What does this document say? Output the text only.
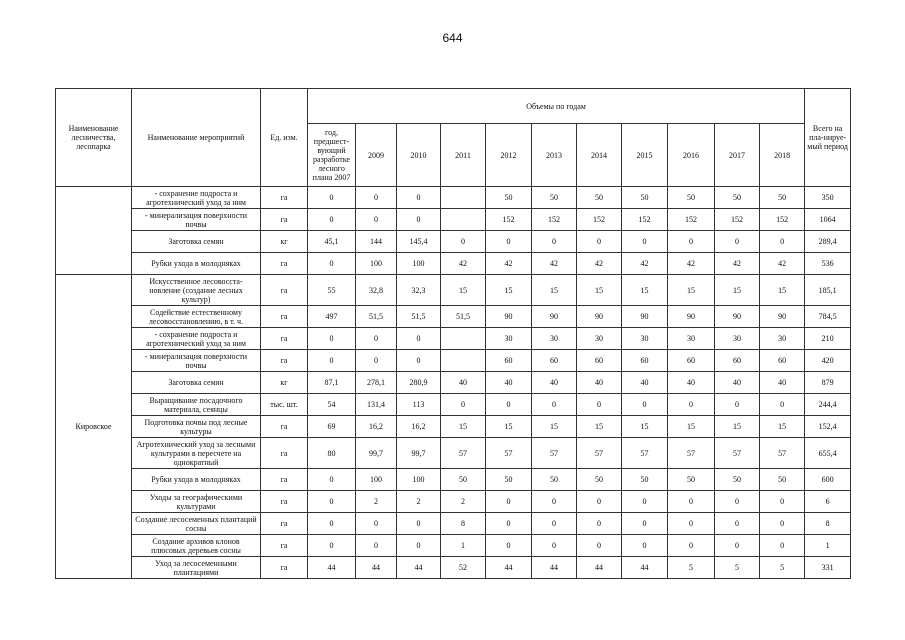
644
Наименование лесничества, лесопарка	Наименование мероприятий	Ед. изм.	Объемы по годам											Всего на пла-нируе-мый период
			год, предшест-вующий разработке лесного плана 2007	2009	2010	2011	2012	2013	2014	2015	2016	2017	2018	
	- сохранение подроста и агротехнический уход за ним	га	0	0	0		50	50	50	50	50	50	50	350
	- минерализация поверхности почвы	га	0	0	0		152	152	152	152	152	152	152	1064
	Заготовка семян	кг	45,1	144	145,4	0	0	0	0	0	0	0	0	289,4
	Рубки ухода в молодняках	га	0	100	100	42	42	42	42	42	42	42	42	536
Кировское	Искусственное лесовосста-новление (создание лесных культур)	га	55	32,8	32,3	15	15	15	15	15	15	15	15	185,1
	Содействие естественному лесовосстановлению, в т. ч.	га	497	51,5	51,5	51,5	90	90	90	90	90	90	90	784,5
	- сохранение подроста и агротехнический уход за ним	га	0	0	0		30	30	30	30	30	30	30	210
	- минерализация поверхности почвы	га	0	0	0		60	60	60	60	60	60	60	420
	Заготовка семян	кг	87,1	278,1	280,9	40	40	40	40	40	40	40	40	879
	Выращивание посадочного материала, сеянцы	тыс. шт.	54	131,4	113	0	0	0	0	0	0	0	0	244,4
	Подготовка почвы под лесные культуры	га	69	16,2	16,2	15	15	15	15	15	15	15	15	152,4
	Агротехнический уход за лесными культурами в пересчете на однократный	га	80	99,7	99,7	57	57	57	57	57	57	57	57	655,4
	Рубки ухода в молодняках	га	0	100	100	50	50	50	50	50	50	50	50	600
	Уходы за географическими культурами	га	0	2	2	2	0	0	0	0	0	0	0	6
	Создание лесосеменных плантаций сосны	га	0	0	0	8	0	0	0	0	0	0	0	8
	Создание архивов клонов плюсовых деревьев сосны	га	0	0	0	1	0	0	0	0	0	0	0	1
	Уход за лесосеменными плантациями	га	44	44	44	52	44	44	44	44	5	5	5	331
